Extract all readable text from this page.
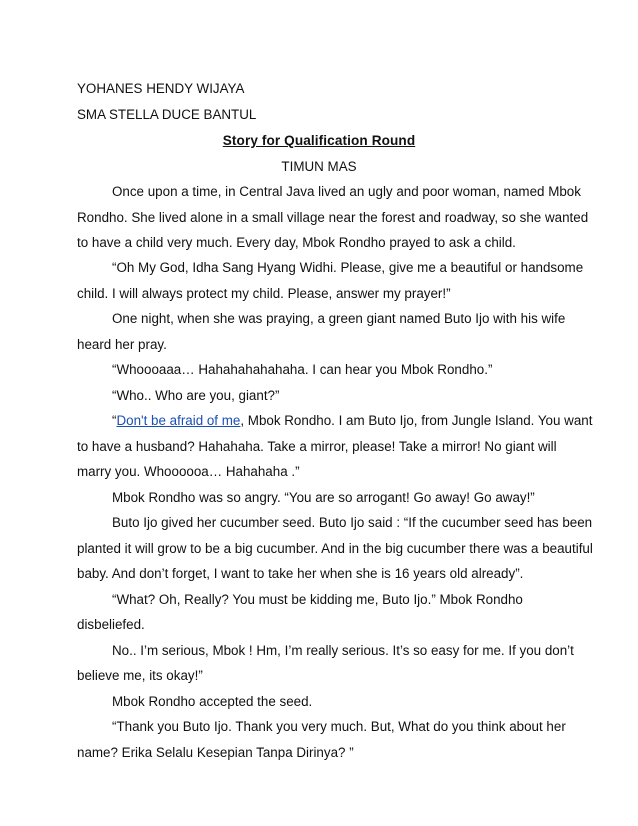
YOHANES HENDY WIJAYA
SMA STELLA DUCE BANTUL
Story for Qualification Round
TIMUN MAS
Once upon a time, in Central Java lived an ugly and poor woman, named Mbok
Rondho. She lived alone in a small village near the forest and roadway, so she wanted
to have a child very much. Every day, Mbok Rondho prayed to ask a child.
“Oh My God, Idha Sang Hyang Widhi. Please, give me a beautiful or handsome
child. I will always protect my child. Please, answer my prayer!”
One night, when she was praying, a green giant named Buto Ijo with his wife
heard her pray.
“Whoooaaa… Hahahahahahaha. I can hear you Mbok Rondho.”
“Who.. Who are you, giant?”
“Don't be afraid of me, Mbok Rondho. I am Buto Ijo, from Jungle Island. You want
to have a husband? Hahahaha. Take a mirror, please! Take a mirror! No giant will
marry you. Whoooooa… Hahahaha .”
Mbok Rondho was so angry. “You are so arrogant! Go away! Go away!”
Buto Ijo gived her cucumber seed. Buto Ijo said : “If the cucumber seed has been
planted it will grow to be a big cucumber. And in the big cucumber there was a beautiful
baby. And don’t forget, I want to take her when she is 16 years old already”.
“What? Oh, Really? You must be kidding me, Buto Ijo.” Mbok Rondho
disbeliefed.
No.. I’m serious, Mbok ! Hm, I’m really serious. It’s so easy for me. If you don’t
believe me, its okay!”
Mbok Rondho accepted the seed.
“Thank you Buto Ijo. Thank you very much. But, What do you think about her
name? Erika Selalu Kesepian Tanpa Dirinya? ”
